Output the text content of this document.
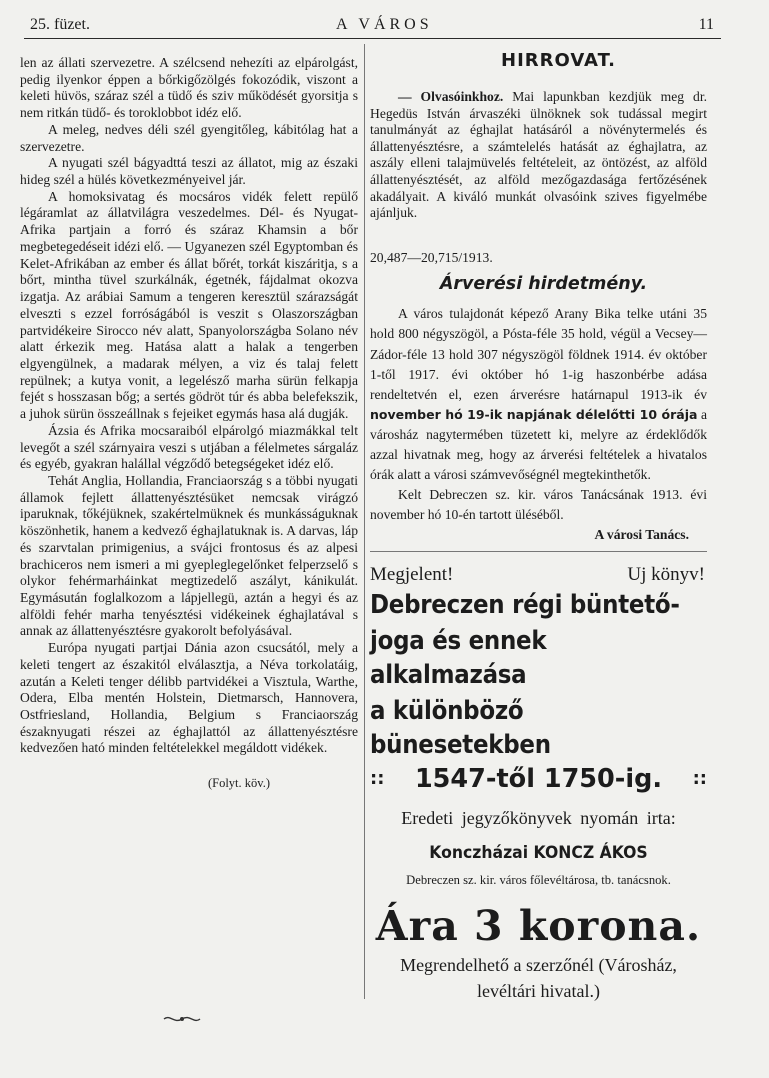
25. füzet.	A VÁROS	11

len az állati szervezetre. A szélcsend nehezíti az elpárolgást, pedig ilyenkor éppen a bőrkigőzölgés fokozódik, viszont a keleti hüvös, száraz szél a tüdő és sziv működését gyorsitja s nem ritkán tüdő- és toroklobbot idéz elő.

A meleg, nedves déli szél gyengitőleg, kábitólag hat a szervezetre.

A nyugati szél bágyadttá teszi az állatot, mig az északi hideg szél a hülés következményeivel jár.

A homoksivatag és mocsáros vidék felett repülő légáramlat az állatvilágra veszedelmes. Dél- és Nyugat-Afrika partjain a forró és száraz Khamsin a bőr megbetegedéseit idézi elő. — Ugyanezen szél Egyptomban és Kelet-Afrikában az ember és állat bőrét, torkát kiszáritja, s a bőrt, mintha tüvel szurkálnák, égetnék, fájdalmat okozva izgatja. Az arábiai Samum a tengeren keresztül szárazságát elveszti s ezzel forróságából is veszit s Olaszországban partvidékeire Sirocco név alatt, Spanyolországba Solano név alatt érkezik meg. Hatása alatt a halak a tengerben elgyengülnek, a madarak mélyen, a viz és talaj felett repülnek; a kutya vonit, a legelésző marha sürün felkapja fejét s hosszasan bőg; a sertés gödröt túr és abba belefekszik, a juhok sürün összeállnak s fejeiket egymás hasa alá dugják.

Ázsia és Afrika mocsaraiból elpárolgó miazmákkal telt levegőt a szél szárnyaira veszi s utjában a félelmetes sárgaláz és egyéb, gyakran halállal végződő betegségeket idéz elő.

Tehát Anglia, Hollandia, Franciaország s a többi nyugati államok fejlett állattenyésztésüket nemcsak virágzó iparuknak, tőkéjüknek, szakértelmüknek és munkásságuknak köszönhetik, hanem a kedvező éghajlatuknak is. A darvas, láp és szarvtalan primigenius, a svájci frontosus és az alpesi brachiceros nem ismeri a mi gyepleglegelőnket felperzselő s olykor fehérmarháinkat megtizedelő aszályt, kánikulát. Egymásután foglalkozom a lápjellegü, aztán a hegyi és az alföldi fehér marha tenyésztési vidékeinek éghajlatával s annak az állattenyésztésre gyakorolt befolyásával.

Európa nyugati partjai Dánia azon csucsától, mely a keleti tengert az északitól elválasztja, a Néva torkolatáig, azután a Keleti tenger délibb partvidékei a Visztula, Warthe, Odera, Elba mentén Holstein, Dietmarsch, Hannovera, Ostfriesland, Hollandia, Belgium s Franciaország északnyugati részei az éghajlattól az állattenyésztésre kedvezően ható minden feltételekkel megáldott vidékek.

(Folyt. köv.)

HIRROVAT.

— Olvasóinkhoz. Mai lapunkban kezdjük meg dr. Hegedüs István árvaszéki ülnöknek sok tudással megirt tanulmányát az éghajlat hatásáról a növénytermelés és állattenyésztésre, a számtelelés hatását az éghajlatra, az aszály elleni talajmüvelés feltételeit, az öntözést, az alföld állattenyésztését, az alföld mezőgazdasága fertőzésének akadályait. A kiváló munkát olvasóink szives figyelmébe ajánljuk.

20,487—20,715/1913.

Árverési hirdetmény.

A város tulajdonát képező Arany Bika telke utáni 35 hold 800 négyszögöl, a Pósta-féle 35 hold, végül a Vecsey—Zádor-féle 13 hold 307 négyszögöl földnek 1914. év október 1-től 1917. évi október hó 1-ig haszonbérbe adása rendeltetvén el, ezen árverésre határnapul 1913-ik év november hó 19-ik napjának délelőtti 10 órája a városház nagytermében tüzetett ki, melyre az érdeklődők azzal hivatnak meg, hogy az árverési feltételek a hivatalos órák alatt a városi számvevőségnél megtekinthetők.

Kelt Debreczen sz. kir. város Tanácsának 1913. évi november hó 10-én tartott üléséből.

A városi Tanács.

Megjelent!	Uj könyv!
Debreczen régi büntető-
joga és ennek alkalmazása
a különböző bünesetekben
:: 1547-től 1750-ig. ::
Eredeti jegyzőkönyvek nyomán irta:
Konczházai KONCZ ÁKOS
Debreczen sz. kir. város főlevéltárosa, tb. tanácsnok.
Ára 3 korona.
Megrendelhető a szerzőnél (Városház,
levéltári hivatal.)
